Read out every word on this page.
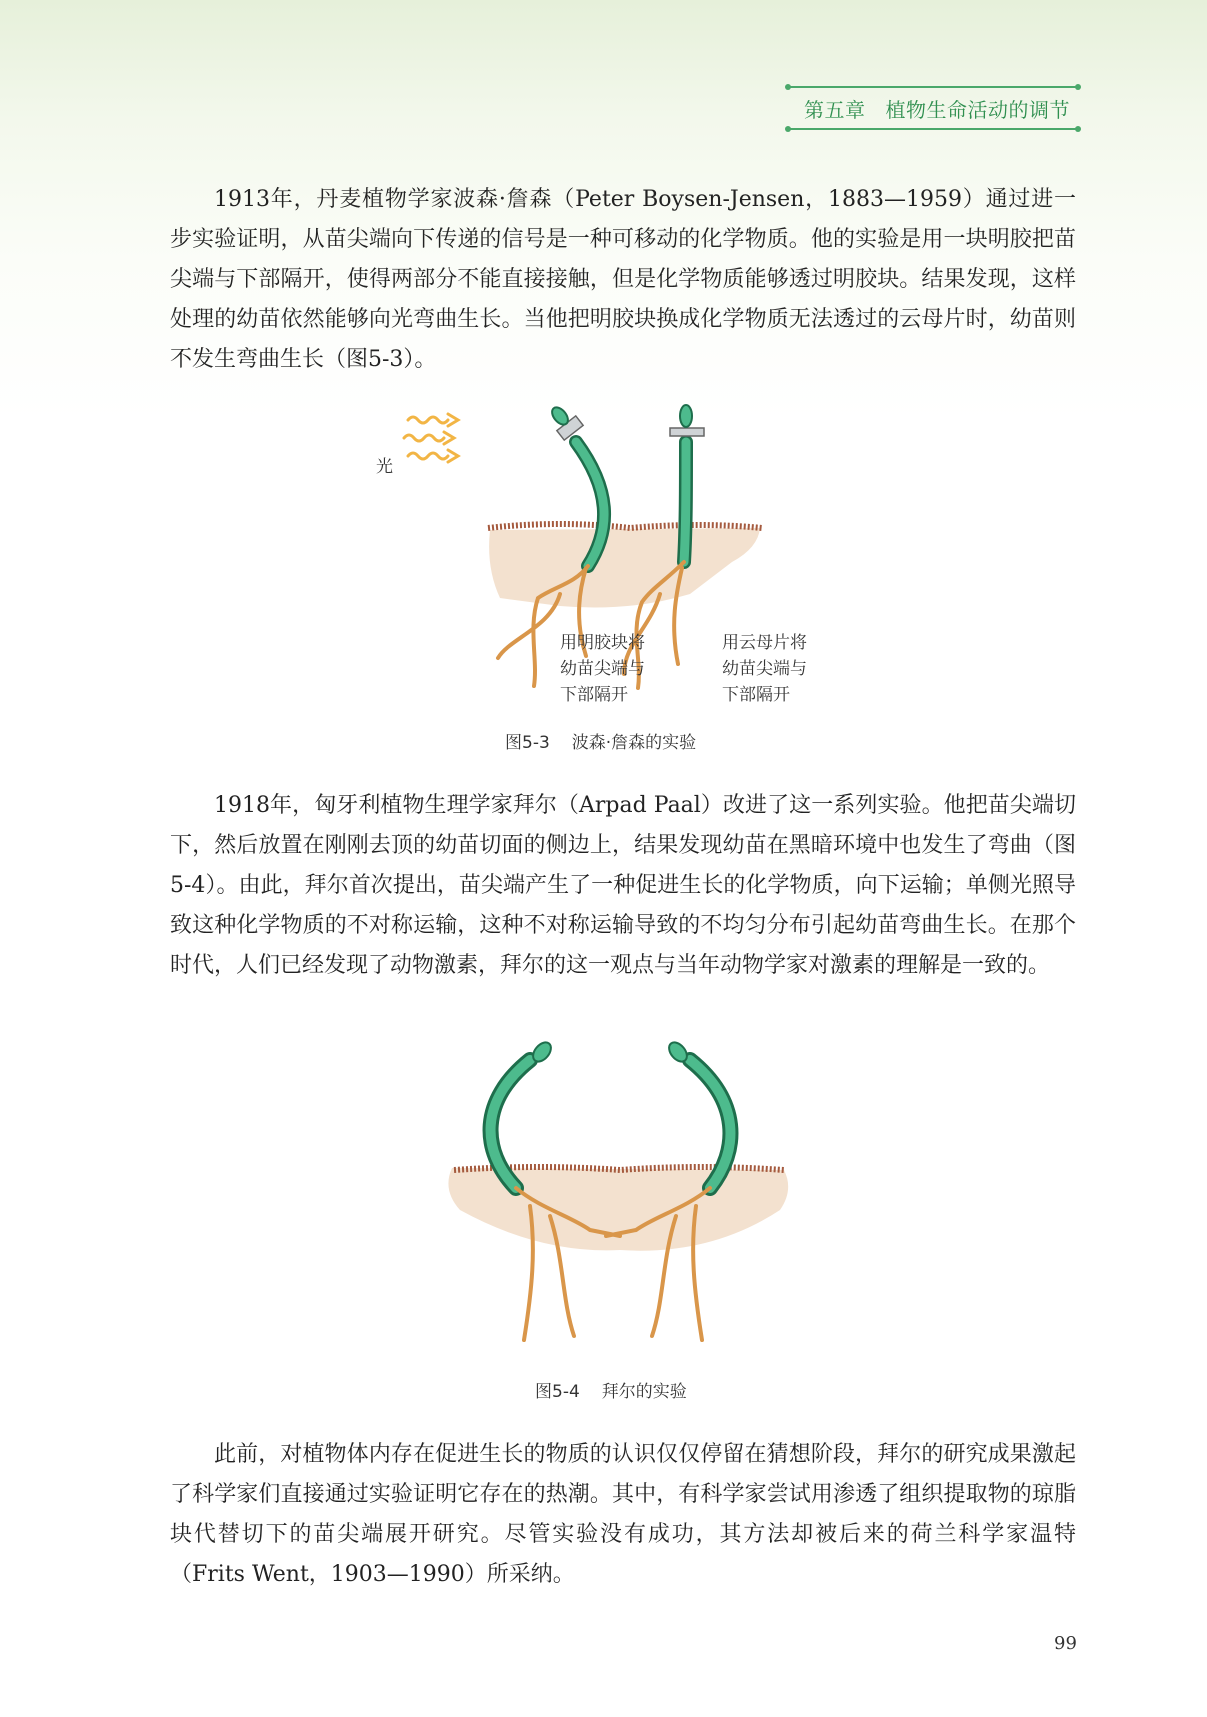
第五章 植物生命活动的调节

1913年，丹麦植物学家波森·詹森（Peter Boysen-Jensen，1883—1959）通过进一步实验证明，从苗尖端向下传递的信号是一种可移动的化学物质。他的实验是用一块明胶把苗尖端与下部隔开，使得两部分不能直接接触，但是化学物质能够透过明胶块。结果发现，这样处理的幼苗依然能够向光弯曲生长。当他把明胶块换成化学物质无法透过的云母片时，幼苗则不发生弯曲生长（图5-3）。

光
用明胶块将
幼苗尖端与
下部隔开
用云母片将
幼苗尖端与
下部隔开
图5-3 波森·詹森的实验

1918年，匈牙利植物生理学家拜尔（Arpad Paal）改进了这一系列实验。他把苗尖端切下，然后放置在刚刚去顶的幼苗切面的侧边上，结果发现幼苗在黑暗环境中也发生了弯曲（图5-4）。由此，拜尔首次提出，苗尖端产生了一种促进生长的化学物质，向下运输；单侧光照导致这种化学物质的不对称运输，这种不对称运输导致的不均匀分布引起幼苗弯曲生长。在那个时代，人们已经发现了动物激素，拜尔的这一观点与当年动物学家对激素的理解是一致的。

图5-4 拜尔的实验

此前，对植物体内存在促进生长的物质的认识仅仅停留在猜想阶段，拜尔的研究成果激起了科学家们直接通过实验证明它存在的热潮。其中，有科学家尝试用渗透了组织提取物的琼脂块代替切下的苗尖端展开研究。尽管实验没有成功，其方法却被后来的荷兰科学家温特（Frits Went，1903—1990）所采纳。

99
